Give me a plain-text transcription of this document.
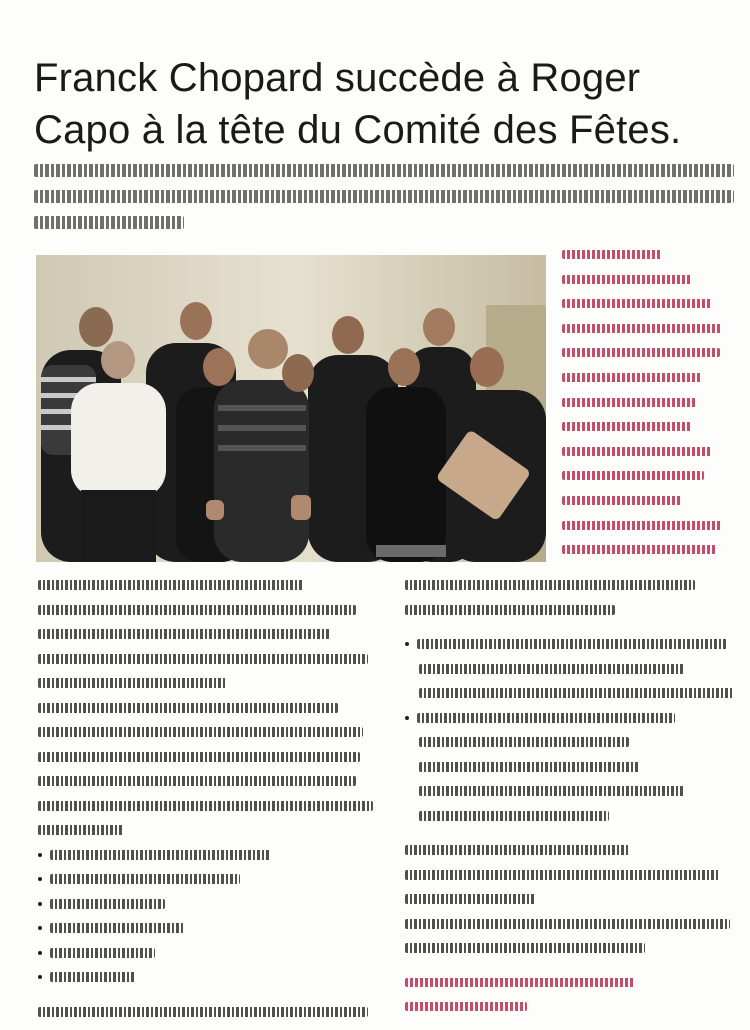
Franck Chopard succède à Roger Capo à la tête du Comité des Fêtes.
